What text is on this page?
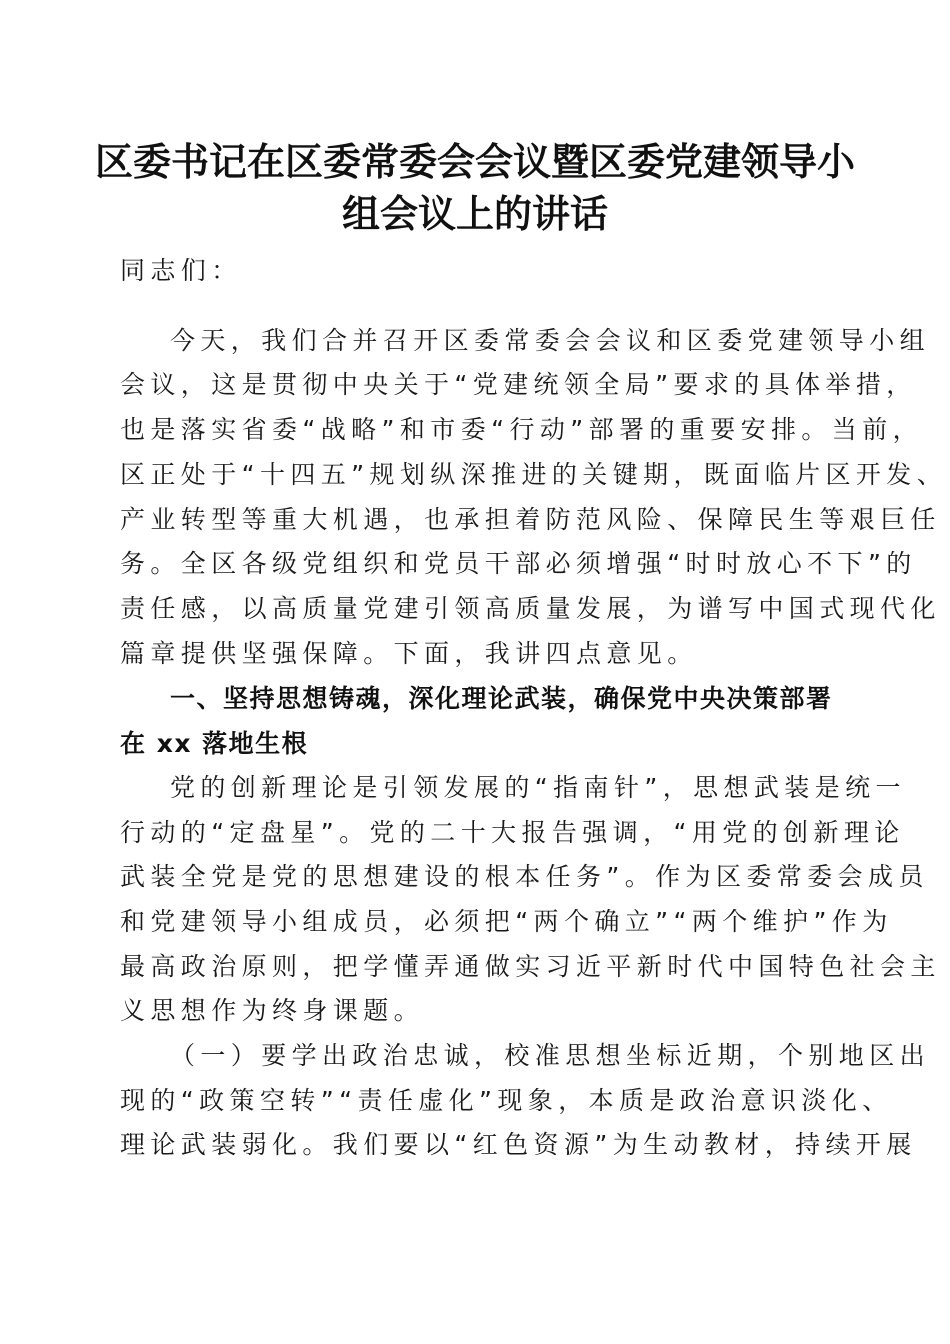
区委书记在区委常委会会议暨区委党建领导小
组会议上的讲话
同志们：
今天，我们合并召开区委常委会会议和区委党建领导小组
会议，这是贯彻中央关于“党建统领全局”要求的具体举措，
也是落实省委“战略”和市委“行动”部署的重要安排。当前，
区正处于“十四五”规划纵深推进的关键期，既面临片区开发、
产业转型等重大机遇，也承担着防范风险、保障民生等艰巨任
务。全区各级党组织和党员干部必须增强“时时放心不下”的
责任感，以高质量党建引领高质量发展，为谱写中国式现代化
篇章提供坚强保障。下面，我讲四点意见。
一、坚持思想铸魂，深化理论武装，确保党中央决策部署
在 xx 落地生根
党的创新理论是引领发展的“指南针”，思想武装是统一
行动的“定盘星”。党的二十大报告强调，“用党的创新理论
武装全党是党的思想建设的根本任务”。作为区委常委会成员
和党建领导小组成员，必须把“两个确立”“两个维护”作为
最高政治原则，把学懂弄通做实习近平新时代中国特色社会主
义思想作为终身课题。
（一）要学出政治忠诚，校准思想坐标近期，个别地区出
现的“政策空转”“责任虚化”现象，本质是政治意识淡化、
理论武装弱化。我们要以“红色资源”为生动教材，持续开展
